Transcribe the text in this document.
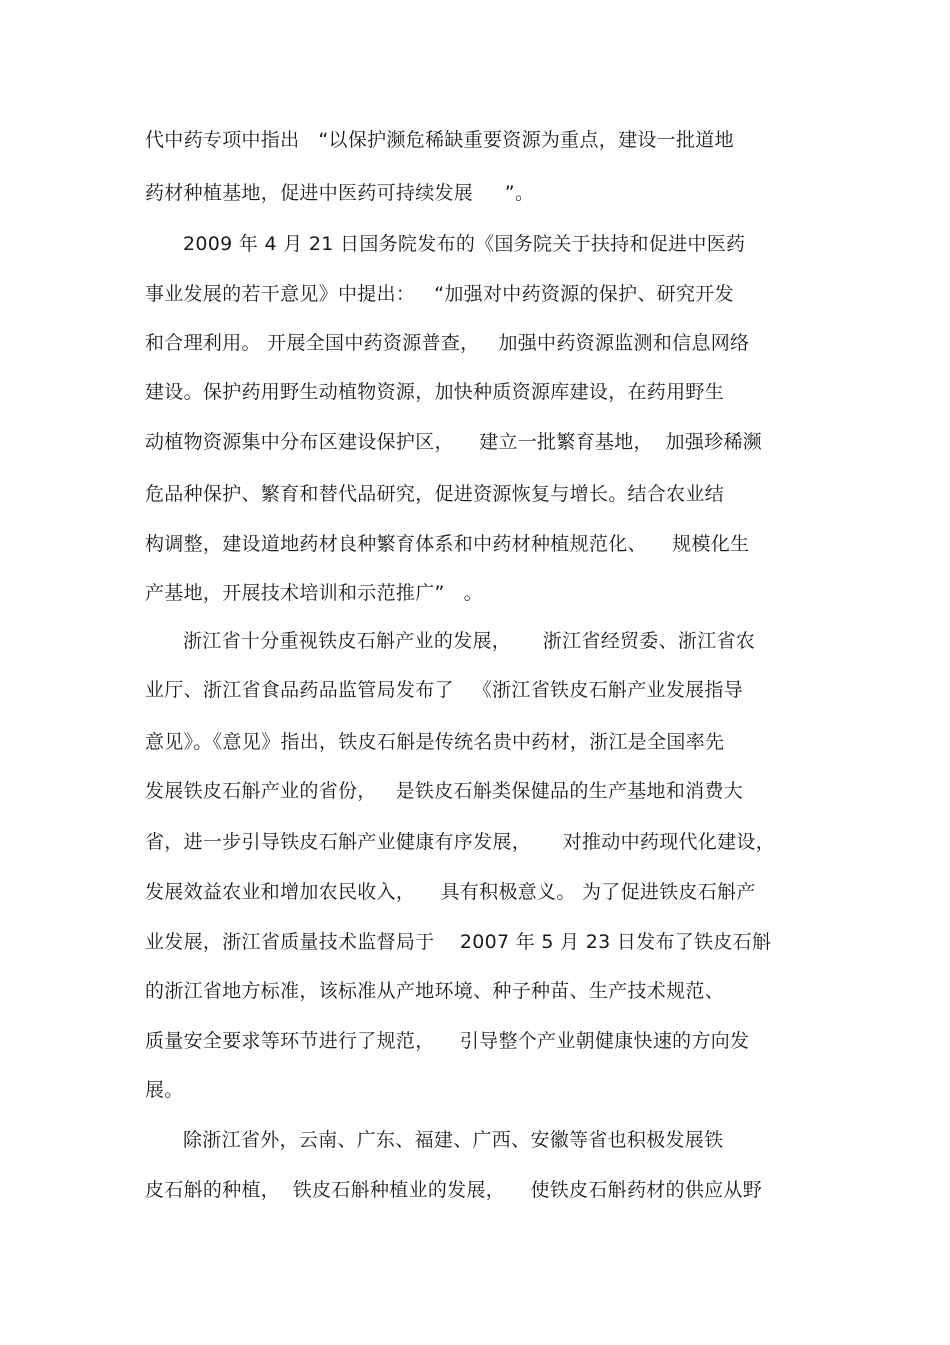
代中药专项中指出   “以保护濒危稀缺重要资源为重点，建设一批道地
药材种植基地，促进中医药可持续发展     ”。
2009 年 4 月 21 日国务院发布的《国务院关于扶持和促进中医药
事业发展的若干意见》中提出：   “加强对中药资源的保护、研究开发
和合理利用。 开展全国中药资源普查，   加强中药资源监测和信息网络
建设。保护药用野生动植物资源，加快种质资源库建设，在药用野生
动植物资源集中分布区建设保护区，    建立一批繁育基地，  加强珍稀濒
危品种保护、繁育和替代品研究，促进资源恢复与增长。结合农业结
构调整，建设道地药材良种繁育体系和中药材种植规范化、    规模化生
产基地，开展技术培训和示范推广”   。
浙江省十分重视铁皮石斛产业的发展，     浙江省经贸委、浙江省农
业厅、浙江省食品药品监管局发布了   《浙江省铁皮石斛产业发展指导
意见》。《意见》指出，铁皮石斛是传统名贵中药材，浙江是全国率先
发展铁皮石斛产业的省份，   是铁皮石斛类保健品的生产基地和消费大
省，进一步引导铁皮石斛产业健康有序发展，     对推动中药现代化建设，
发展效益农业和增加农民收入，    具有积极意义。 为了促进铁皮石斛产
业发展，浙江省质量技术监督局于    2007 年 5 月 23 日发布了铁皮石斛
的浙江省地方标准，该标准从产地环境、种子种苗、生产技术规范、
质量安全要求等环节进行了规范，    引导整个产业朝健康快速的方向发
展。
除浙江省外，云南、广东、福建、广西、安徽等省也积极发展铁
皮石斛的种植，  铁皮石斛种植业的发展，    使铁皮石斛药材的供应从野
